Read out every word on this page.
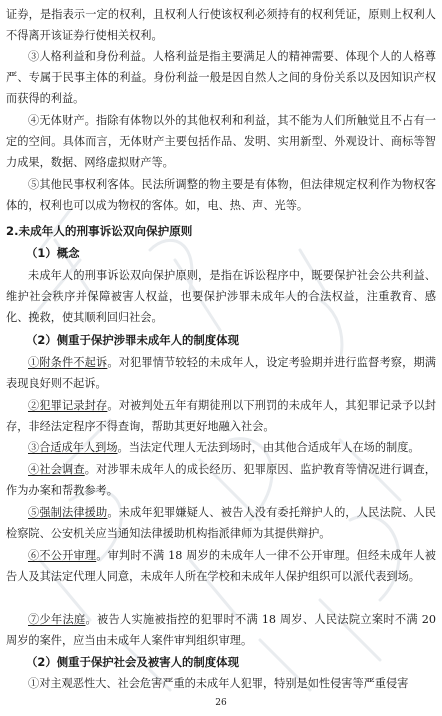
证券，是指表示一定的权利，且权利人行使该权利必须持有的权利凭证，原则上权利人不得离开该证券行使相关权利。

③人格利益和身份利益。人格利益是指主要满足人的精神需要、体现个人的人格尊严、专属于民事主体的利益。身份利益一般是因自然人之间的身份关系以及因知识产权而获得的利益。

④无体财产。指除有体物以外的其他权利和利益，其不能为人们所触觉且不占有一定的空间。具体而言，无体财产主要包括作品、发明、实用新型、外观设计、商标等智力成果，数据、网络虚拟财产等。

⑤其他民事权利客体。民法所调整的物主要是有体物，但法律规定权利作为物权客体的，权利也可以成为物权的客体。如，电、热、声、光等。

2.未成年人的刑事诉讼双向保护原则
（1）概念

未成年人的刑事诉讼双向保护原则，是指在诉讼程序中，既要保护社会公共利益、维护社会秩序并保障被害人权益，也要保护涉罪未成年人的合法权益，注重教育、感化、挽救，使其顺利回归社会。

（2）侧重于保护涉罪未成年人的制度体现

①附条件不起诉。对犯罪情节较轻的未成年人，设定考验期并进行监督考察，期满表现良好则不起诉。

②犯罪记录封存。对被判处五年有期徒刑以下刑罚的未成年人，其犯罪记录予以封存，非经法定程序不得查询，帮助其更好地融入社会。

③合适成年人到场。当法定代理人无法到场时，由其他合适成年人在场的制度。

④社会调查。对涉罪未成年人的成长经历、犯罪原因、监护教育等情况进行调查，作为办案和帮教参考。

⑤强制法律援助。未成年犯罪嫌疑人、被告人没有委托辩护人的，人民法院、人民检察院、公安机关应当通知法律援助机构指派律师为其提供辩护。

⑥不公开审理。审判时不满 18 周岁的未成年人一律不公开审理。但经未成年人被告人及其法定代理人同意，未成年人所在学校和未成年人保护组织可以派代表到场。

⑦少年法庭。被告人实施被指控的犯罪时不满 18 周岁、人民法院立案时不满 20 周岁的案件，应当由未成年人案件审判组织审理。

（2）侧重于保护社会及被害人的制度体现

①对主观恶性大、社会危害严重的未成年人犯罪，特别是如性侵害等严重侵害

26
